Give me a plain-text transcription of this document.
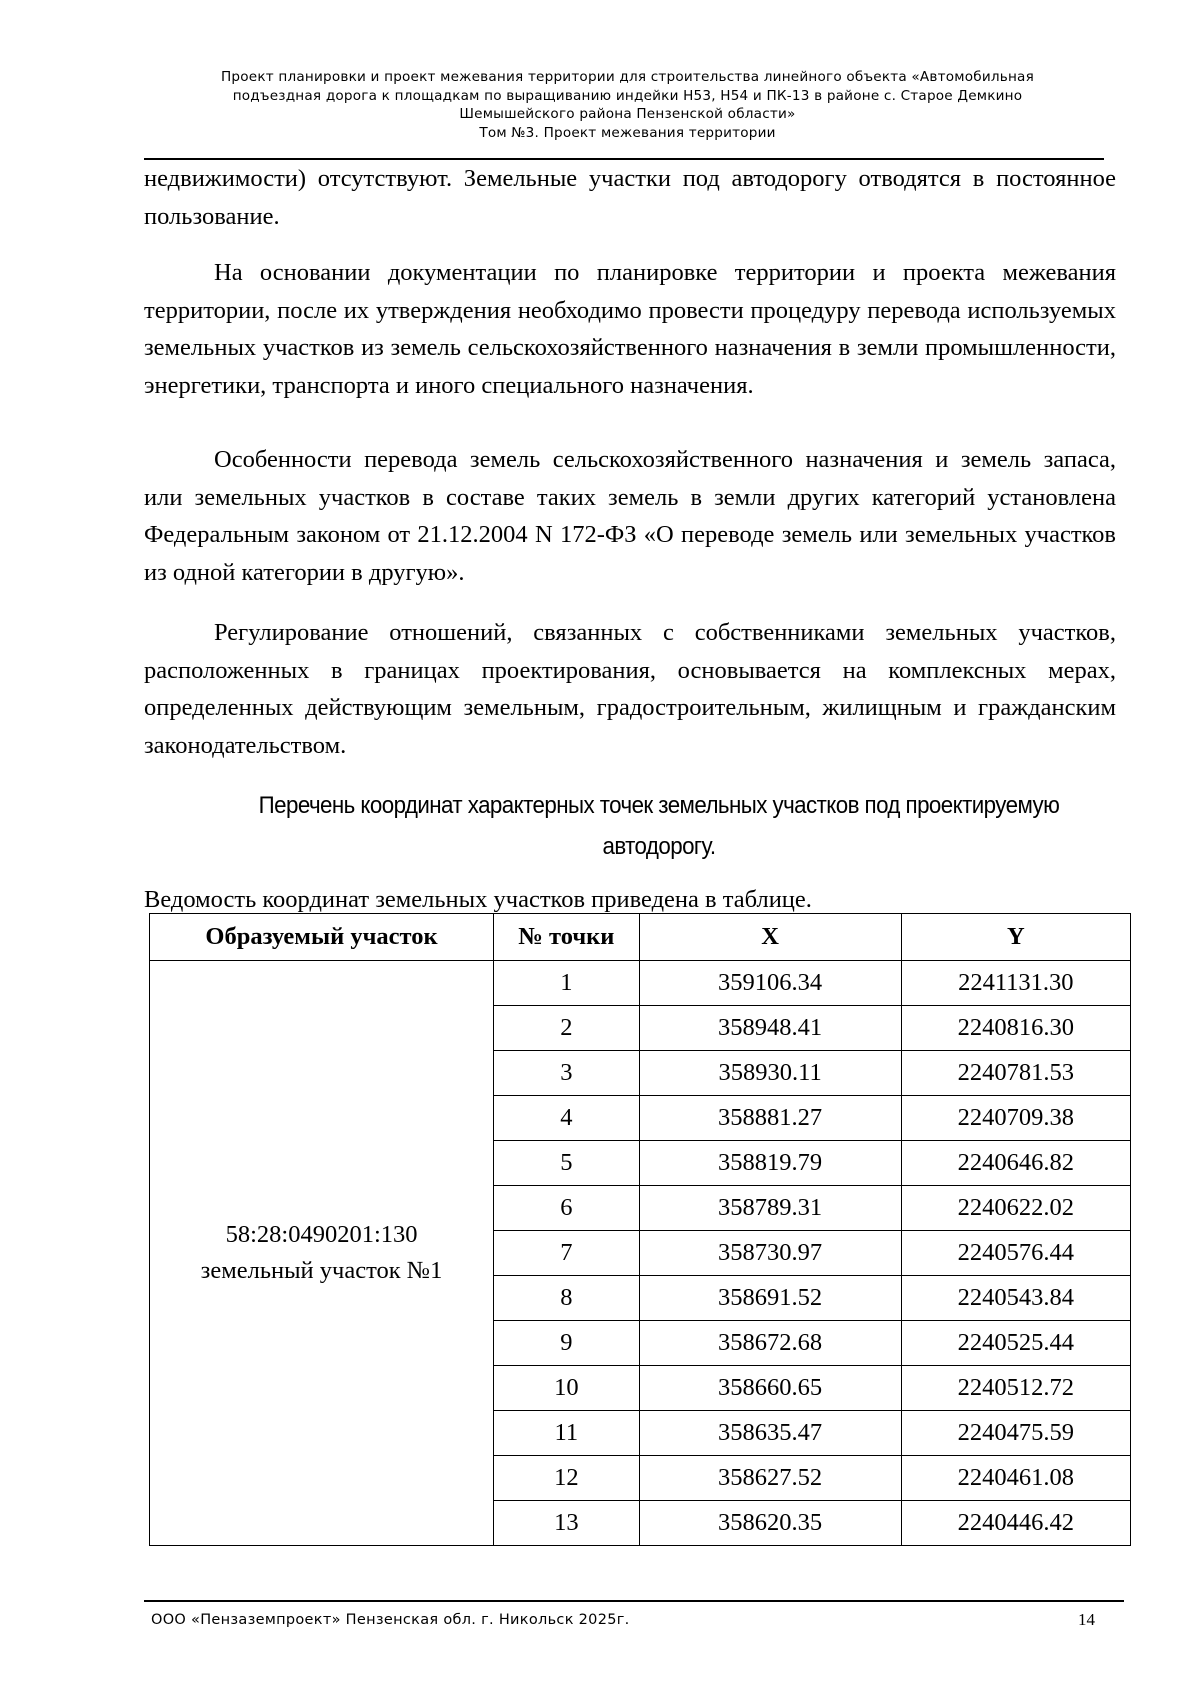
Проект планировки и проект межевания территории для строительства линейного объекта «Автомобильная
подъездная дорога к площадкам по выращиванию индейки Н53, Н54 и ПК-13 в районе с. Старое Демкино
Шемышейского района Пензенской области»
Том №3. Проект межевания территории
недвижимости) отсутствуют. Земельные участки под автодорогу отводятся в постоянное пользование.
На основании документации по планировке территории и проекта межевания территории, после их утверждения необходимо провести процедуру перевода используемых земельных участков из земель сельскохозяйственного назначения в земли промышленности, энергетики, транспорта и иного специального назначения.
Особенности перевода земель сельскохозяйственного назначения и земель запаса, или земельных участков в составе таких земель в земли других категорий установлена Федеральным законом от 21.12.2004 N 172-ФЗ «О переводе земель или земельных участков из одной категории в другую».
Регулирование отношений, связанных с собственниками земельных участков, расположенных в границах проектирования, основывается на комплексных мерах, определенных действующим земельным, градостроительным, жилищным и гражданским законодательством.
Перечень координат характерных точек земельных участков под проектируемую
автодорогу.
Ведомость координат земельных участков приведена в таблице.
Образуемый участок	№ точки	X	Y

58:28:0490201:130
земельный участок №1	1	359106.34	2241131.30
	2	358948.41	2240816.30
	3	358930.11	2240781.53
	4	358881.27	2240709.38
	5	358819.79	2240646.82
	6	358789.31	2240622.02
	7	358730.97	2240576.44
	8	358691.52	2240543.84
	9	358672.68	2240525.44
	10	358660.65	2240512.72
	11	358635.47	2240475.59
	12	358627.52	2240461.08
	13	358620.35	2240446.42
ООО «Пензаземпроект» Пензенская обл. г. Никольск 2025г.	14
